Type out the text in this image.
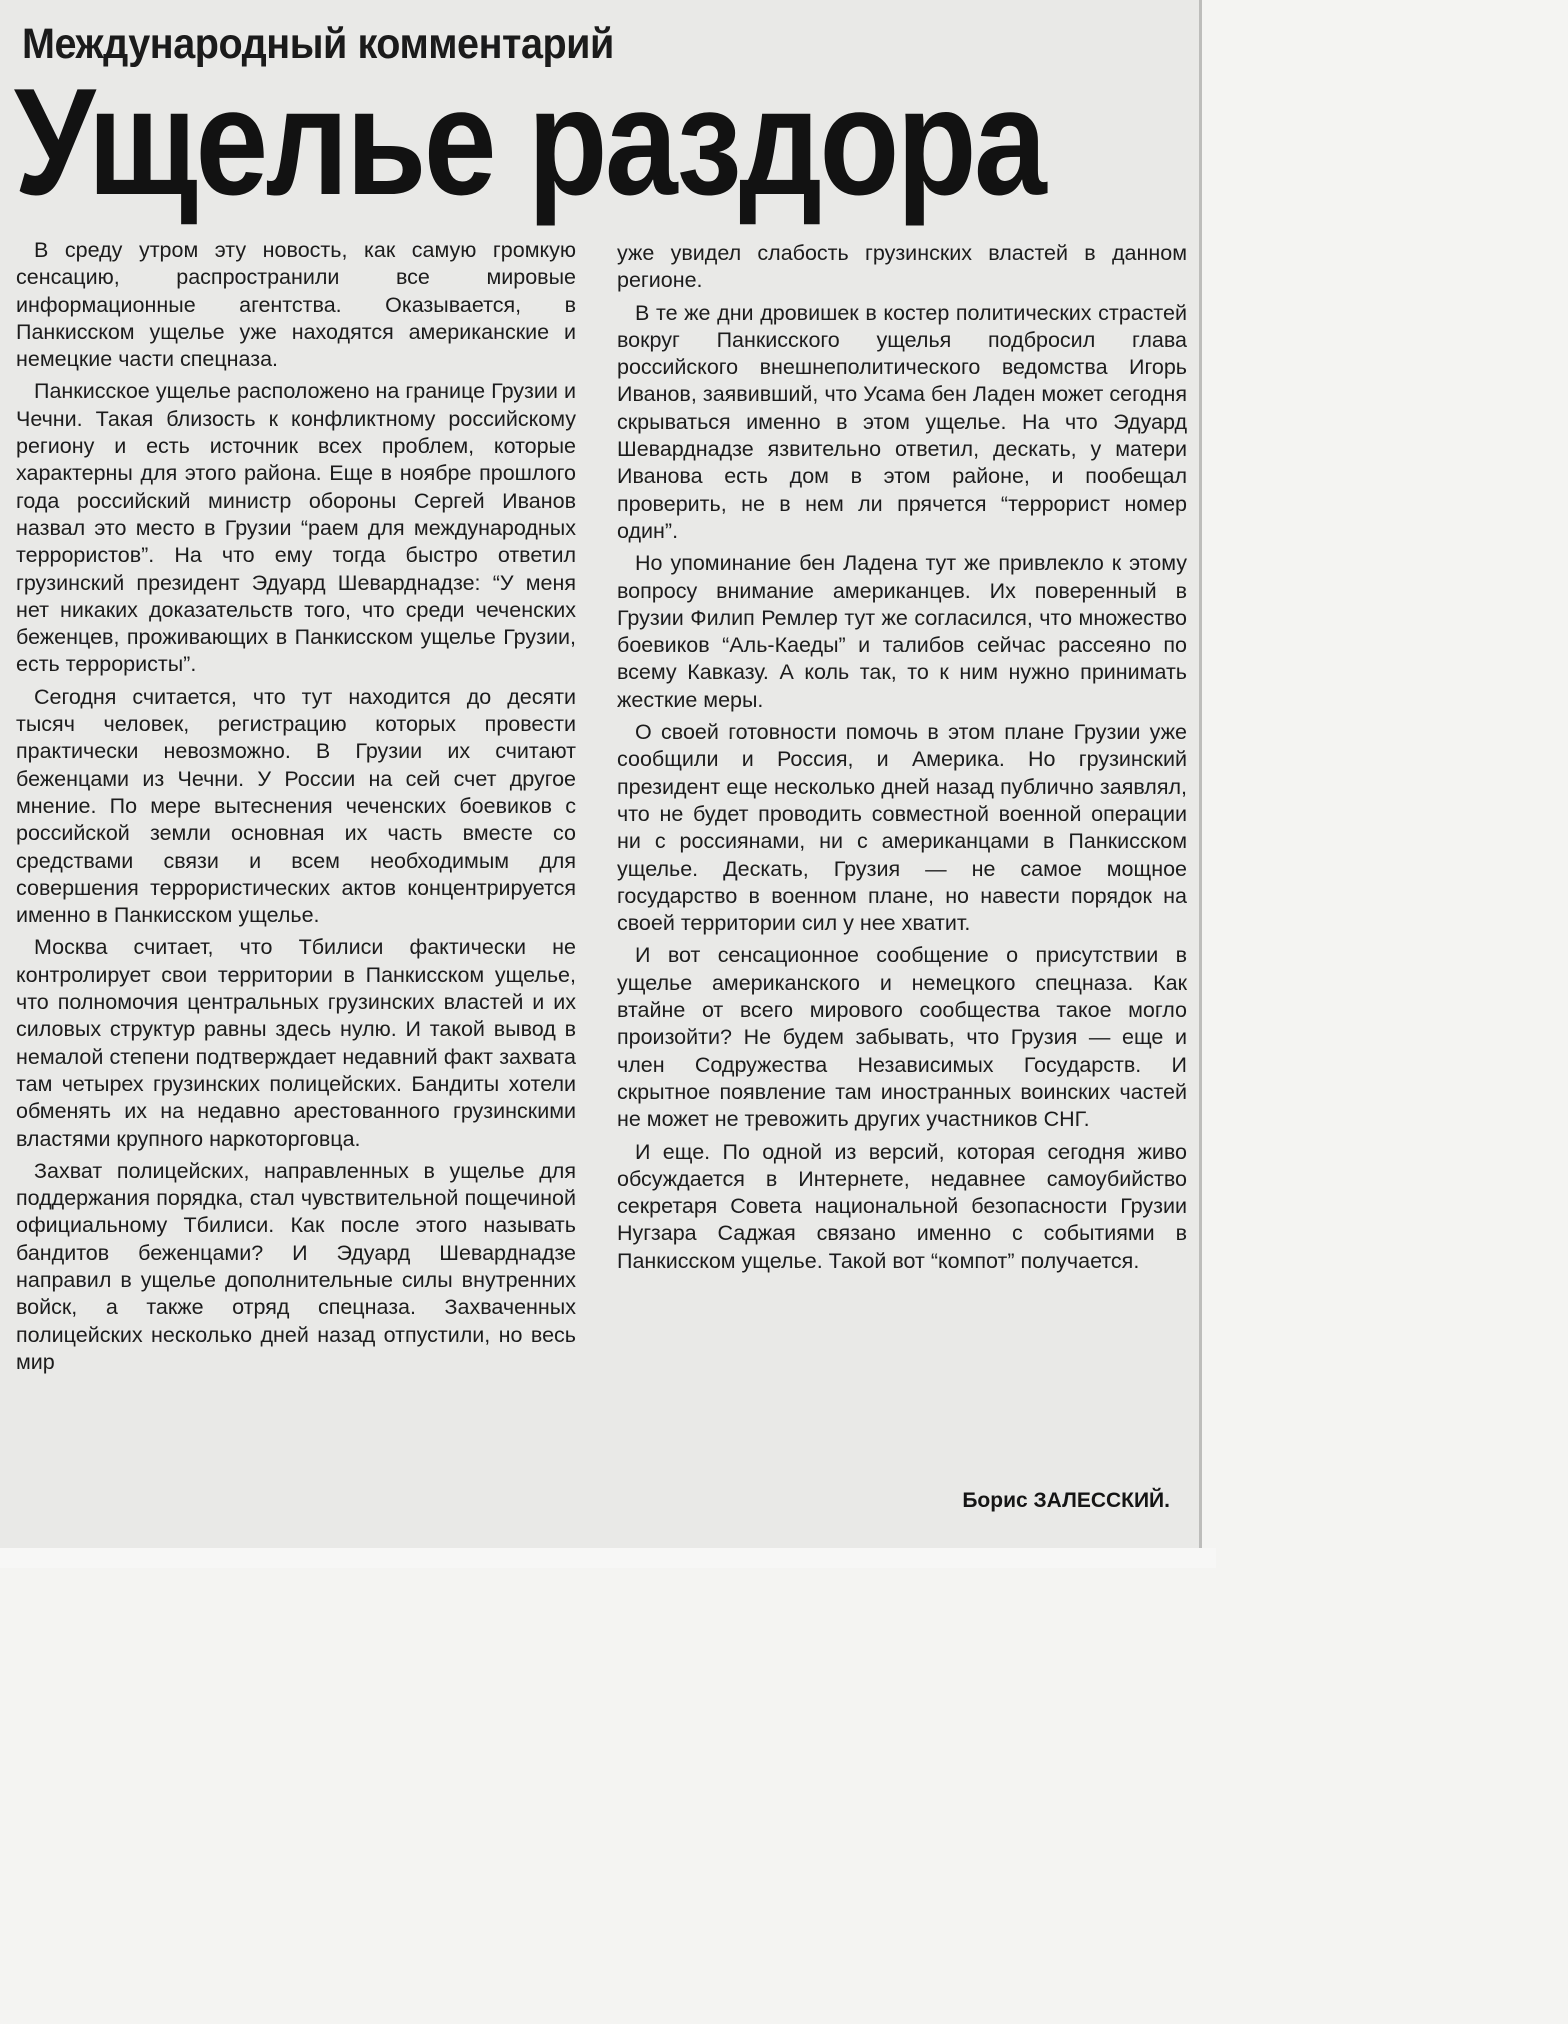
Международный комментарий
Ущелье раздора

В среду утром эту новость, как самую громкую сенсацию, распространили все мировые информационные агентства. Оказывается, в Панкисском ущелье уже находятся американские и немецкие части спецназа.

Панкисское ущелье расположено на границе Грузии и Чечни. Такая близость к конфликтному российскому региону и есть источник всех проблем, которые характерны для этого района. Еще в ноябре прошлого года российский министр обороны Сергей Иванов назвал это место в Грузии “раем для международных террористов”. На что ему тогда быстро ответил грузинский президент Эдуард Шеварднадзе: “У меня нет никаких доказательств того, что среди чеченских беженцев, проживающих в Панкисском ущелье Грузии, есть террористы”.

Сегодня считается, что тут находится до десяти тысяч человек, регистрацию которых провести практически невозможно. В Грузии их считают беженцами из Чечни. У России на сей счет другое мнение. По мере вытеснения чеченских боевиков с российской земли основная их часть вместе со средствами связи и всем необходимым для совершения террористических актов концентрируется именно в Панкисском ущелье.

Москва считает, что Тбилиси фактически не контролирует свои территории в Панкисском ущелье, что полномочия центральных грузинских властей и их силовых структур равны здесь нулю. И такой вывод в немалой степени подтверждает недавний факт захвата там четырех грузинских полицейских. Бандиты хотели обменять их на недавно арестованного грузинскими властями крупного наркоторговца.

Захват полицейских, направленных в ущелье для поддержания порядка, стал чувствительной пощечиной официальному Тбилиси. Как после этого называть бандитов беженцами? И Эдуард Шеварднадзе направил в ущелье дополнительные силы внутренних войск, а также отряд спецназа. Захваченных полицейских несколько дней назад отпустили, но весь мир

уже увидел слабость грузинских властей в данном регионе.

В те же дни дровишек в костер политических страстей вокруг Панкисского ущелья подбросил глава российского внешнеполитического ведомства Игорь Иванов, заявивший, что Усама бен Ладен может сегодня скрываться именно в этом ущелье. На что Эдуард Шеварднадзе язвительно ответил, дескать, у матери Иванова есть дом в этом районе, и пообещал проверить, не в нем ли прячется “террорист номер один”.

Но упоминание бен Ладена тут же привлекло к этому вопросу внимание американцев. Их поверенный в Грузии Филип Ремлер тут же согласился, что множество боевиков “Аль-Каеды” и талибов сейчас рассеяно по всему Кавказу. А коль так, то к ним нужно принимать жесткие меры.

О своей готовности помочь в этом плане Грузии уже сообщили и Россия, и Америка. Но грузинский президент еще несколько дней назад публично заявлял, что не будет проводить совместной военной операции ни с россиянами, ни с американцами в Панкисском ущелье. Дескать, Грузия — не самое мощное государство в военном плане, но навести порядок на своей территории сил у нее хватит.

И вот сенсационное сообщение о присутствии в ущелье американского и немецкого спецназа. Как втайне от всего мирового сообщества такое могло произойти? Не будем забывать, что Грузия — еще и член Содружества Независимых Государств. И скрытное появление там иностранных воинских частей не может не тревожить других участников СНГ.

И еще. По одной из версий, которая сегодня живо обсуждается в Интернете, недавнее самоубийство секретаря Совета национальной безопасности Грузии Нугзара Саджая связано именно с событиями в Панкисском ущелье. Такой вот “компот” получается.

Борис ЗАЛЕССКИЙ.
